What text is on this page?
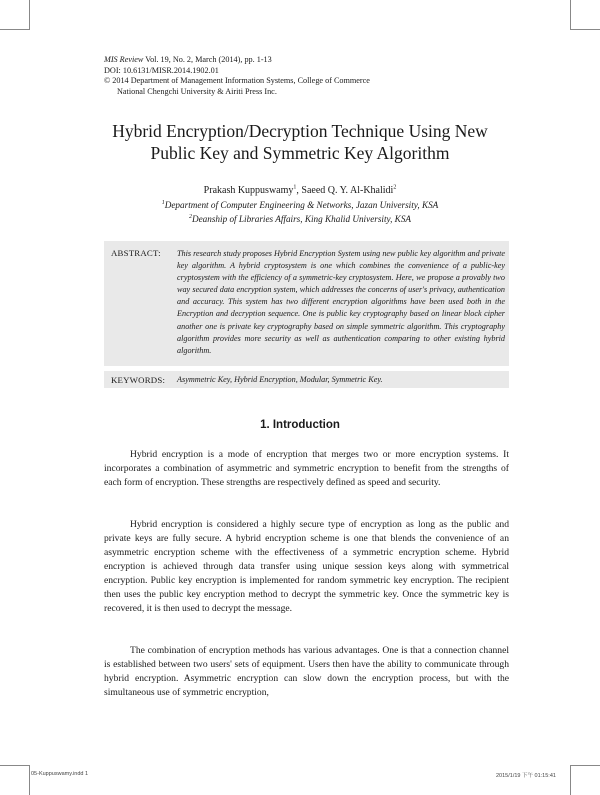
MIS Review Vol. 19, No. 2, March (2014), pp. 1-13
DOI: 10.6131/MISR.2014.1902.01
© 2014 Department of Management Information Systems, College of Commerce
National Chengchi University & Airiti Press Inc.
Hybrid Encryption/Decryption Technique Using New
Public Key and Symmetric Key Algorithm
Prakash Kuppuswamy$^1$, Saeed Q. Y. Al-Khalidi$^2$
$^1$Department of Computer Engineering & Networks, Jazan University, KSA
$^2$Deanship of Libraries Affairs, King Khalid University, KSA
ABSTRACT: This research study proposes Hybrid Encryption System using new public key algorithm and private key algorithm. A hybrid cryptosystem is one which combines the convenience of a public-key cryptosystem with the efficiency of a symmetric-key cryptosystem. Here, we propose a provably two way secured data encryption system, which addresses the concerns of user's privacy, authentication and accuracy. This system has two different encryption algorithms have been used both in the Encryption and decryption sequence. One is public key cryptography based on linear block cipher another one is private key cryptography based on simple symmetric algorithm. This cryptography algorithm provides more security as well as authentication comparing to other existing hybrid algorithm.
KEYWORDS: Asymmetric Key, Hybrid Encryption, Modular, Symmetric Key.
1. Introduction

Hybrid encryption is a mode of encryption that merges two or more encryption systems. It incorporates a combination of asymmetric and symmetric encryption to benefit from the strengths of each form of encryption. These strengths are respectively defined as speed and security.

Hybrid encryption is considered a highly secure type of encryption as long as the public and private keys are fully secure. A hybrid encryption scheme is one that blends the convenience of an asymmetric encryption scheme with the effectiveness of a symmetric encryption scheme. Hybrid encryption is achieved through data transfer using unique session keys along with symmetrical encryption. Public key encryption is implemented for random symmetric key encryption. The recipient then uses the public key encryption method to decrypt the symmetric key. Once the symmetric key is recovered, it is then used to decrypt the message.

The combination of encryption methods has various advantages. One is that a connection channel is established between two users' sets of equipment. Users then have the ability to communicate through hybrid encryption. Asymmetric encryption can slow down the encryption process, but with the simultaneous use of symmetric encryption,

05-Kuppuswamy.indd 1	2015/1/19 下午 01:15:41
